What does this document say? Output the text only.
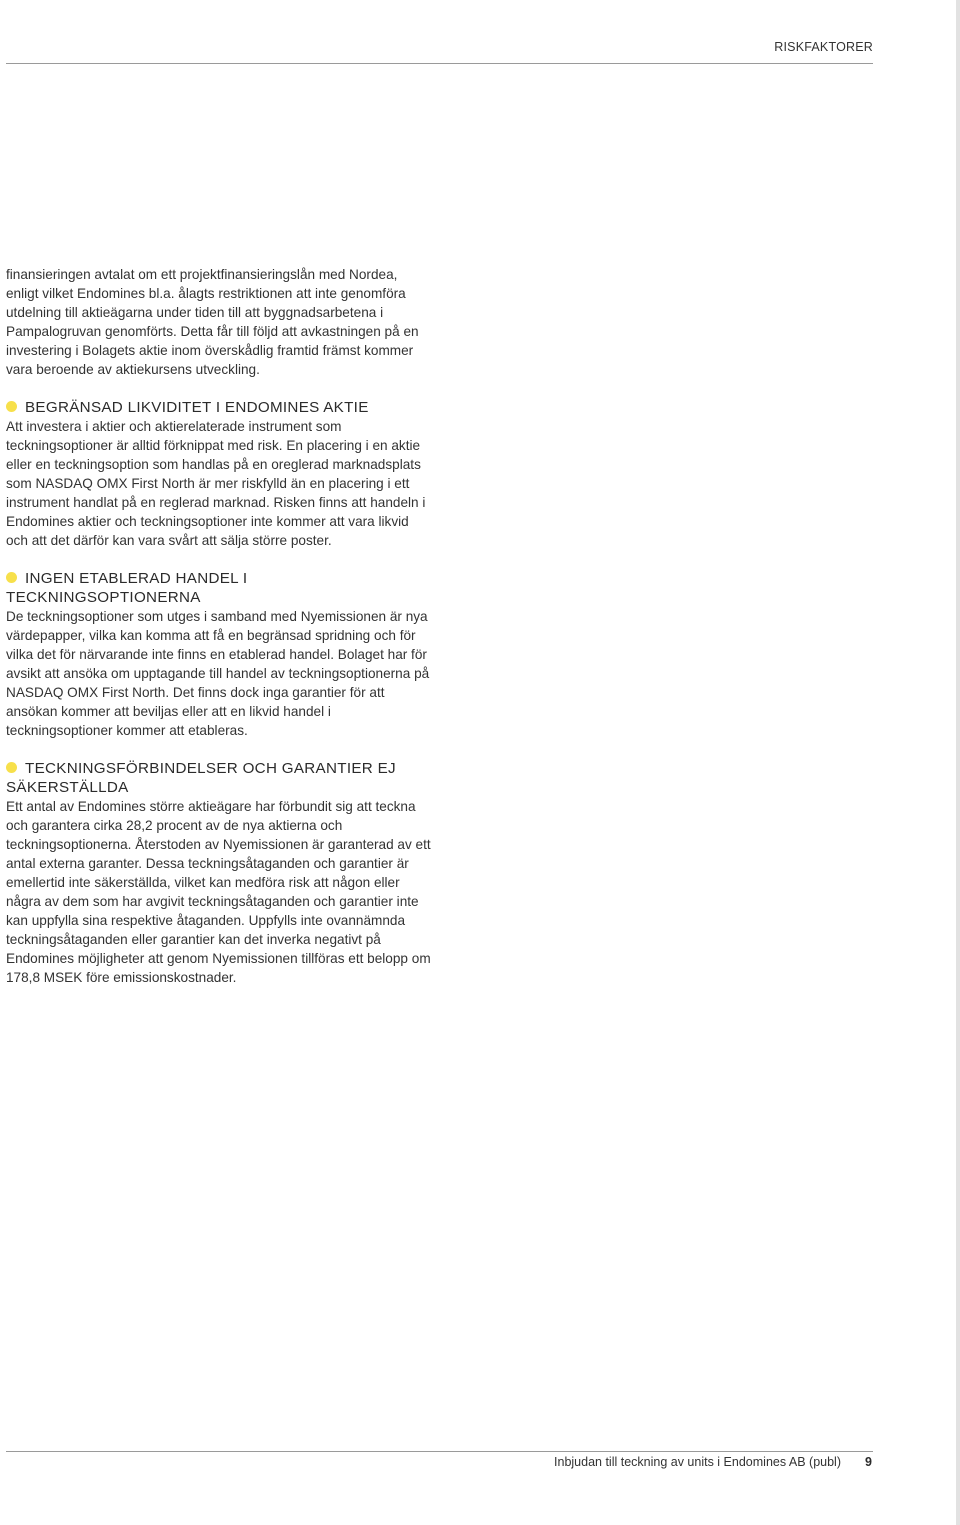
RISKFAKTORER

finansieringen avtalat om ett projektfinansieringslån med Nordea, enligt vilket Endomines bl.a. ålagts restriktionen att inte genomföra utdelning till aktieägarna under tiden till att byggnadsarbetena i Pampalogruvan genomförts. Detta får till följd att avkastningen på en investering i Bolagets aktie inom överskådlig framtid främst kommer vara beroende av aktiekursens utveckling.

BEGRÄNSAD LIKVIDITET I ENDOMINES AKTIE

Att investera i aktier och aktierelaterade instrument som teckningsoptioner är alltid förknippat med risk. En placering i en aktie eller en teckningsoption som handlas på en oreglerad marknadsplats som NASDAQ OMX First North är mer riskfylld än en placering i ett instrument handlat på en reglerad marknad. Risken finns att handeln i Endomines aktier och teckningsoptioner inte kommer att vara likvid och att det därför kan vara svårt att sälja större poster.

INGEN ETABLERAD HANDEL I TECKNINGSOPTIONERNA

De teckningsoptioner som utges i samband med Nyemissionen är nya värdepapper, vilka kan komma att få en begränsad spridning och för vilka det för närvarande inte finns en etablerad handel. Bolaget har för avsikt att ansöka om upptagande till handel av teckningsoptionerna på NASDAQ OMX First North. Det finns dock inga garantier för att ansökan kommer att beviljas eller att en likvid handel i teckningsoptioner kommer att etableras.

TECKNINGSFÖRBINDELSER OCH GARANTIER EJ SÄKERSTÄLLDA

Ett antal av Endomines större aktieägare har förbundit sig att teckna och garantera cirka 28,2 procent av de nya aktierna och teckningsoptionerna. Återstoden av Nyemissionen är garanterad av ett antal externa garanter. Dessa teckningsåtaganden och garantier är emellertid inte säkerställda, vilket kan medföra risk att någon eller några av dem som har avgivit teckningsåtaganden och garantier inte kan uppfylla sina respektive åtaganden. Uppfylls inte ovannämnda teckningsåtaganden eller garantier kan det inverka negativt på Endomines möjligheter att genom Nyemissionen tillföras ett belopp om 178,8 MSEK före emissionskostnader.

Inbjudan till teckning av units i Endomines AB (publ) 9
